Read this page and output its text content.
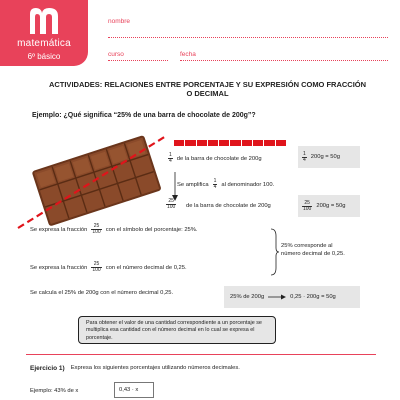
matemática
6º básico
nombre
curso	fecha
ACTIVIDADES: RELACIONES ENTRE PORCENTAJE Y SU EXPRESIÓN COMO FRACCIÓN
O DECIMAL
Ejemplo: ¿Qué significa “25% de una barra de chocolate de 200g”?
$\frac{1}{4}$ de la barra de chocolate de 200g	$\frac{1}{4} 200g = 50g$
Se amplifica $\frac{1}{4}$ al denominador 100.
$\frac{25}{100}$ de la barra de chocolate de 200g	$\frac{25}{100} 200g = 50g$
Se expresa la fracción $\frac{25}{100}$ con el símbolo del porcentaje: 25%.
25% corresponde al
número decimal de 0,25.
Se expresa la fracción $\frac{25}{100}$ con el número decimal de 0,25.
Se calcula el 25% de 200g con el número decimal 0,25.
25% de 200g	0,25 · 200g = 50g
Para obtener el valor de una cantidad correspondiente a un porcentaje se multiplica esa cantidad con el número decimal en lo cual se expresa el porcentaje.
Ejercicio 1) Expresa los siguientes porcentajes utilizando números decimales.
Ejemplo: 43% de x	0,43 · x
